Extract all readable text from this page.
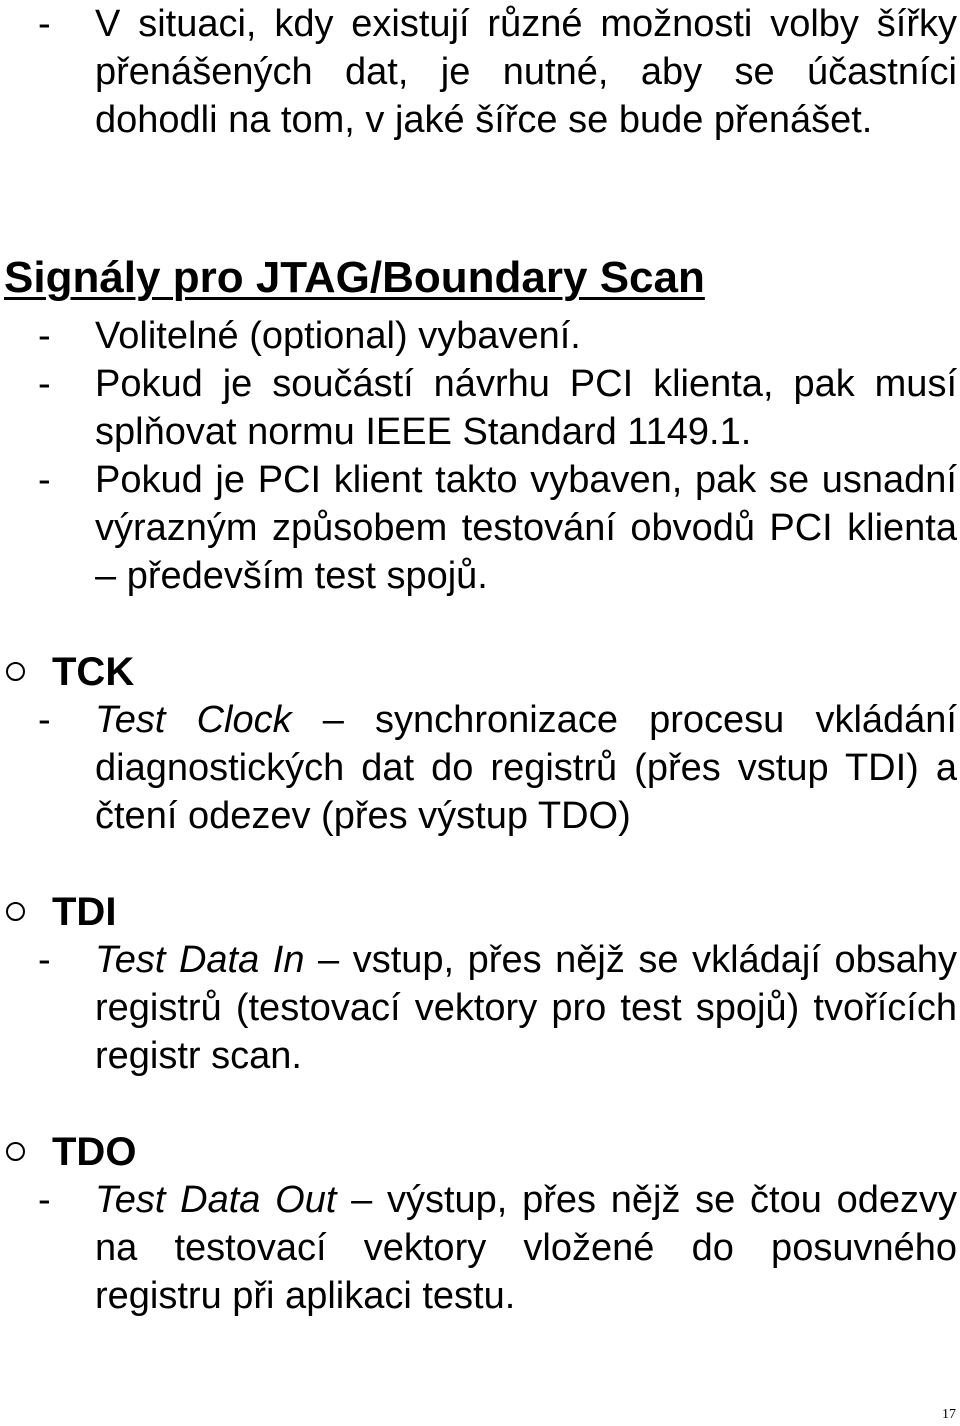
- V situaci, kdy existují různé možnosti volby šířky přenášených dat, je nutné, aby se účastníci dohodli na tom, v jaké šířce se bude přenášet.
Signály pro JTAG/Boundary Scan
- Volitelné (optional) vybavení.
- Pokud je součástí návrhu PCI klienta, pak musí splňovat normu IEEE Standard 1149.1.
- Pokud je PCI klient takto vybaven, pak se usnadní výrazným způsobem testování obvodů PCI klienta – především test spojů.
TCK
- Test Clock – synchronizace procesu vkládání diagnostických dat do registrů (přes vstup TDI) a čtení odezev (přes výstup TDO)
TDI
- Test Data In – vstup, přes nějž se vkládají obsahy registrů (testovací vektory pro test spojů) tvořících registr scan.
TDO
- Test Data Out – výstup, přes nějž se čtou odezvy na testovací vektory vložené do posuvného registru při aplikaci testu.
17
